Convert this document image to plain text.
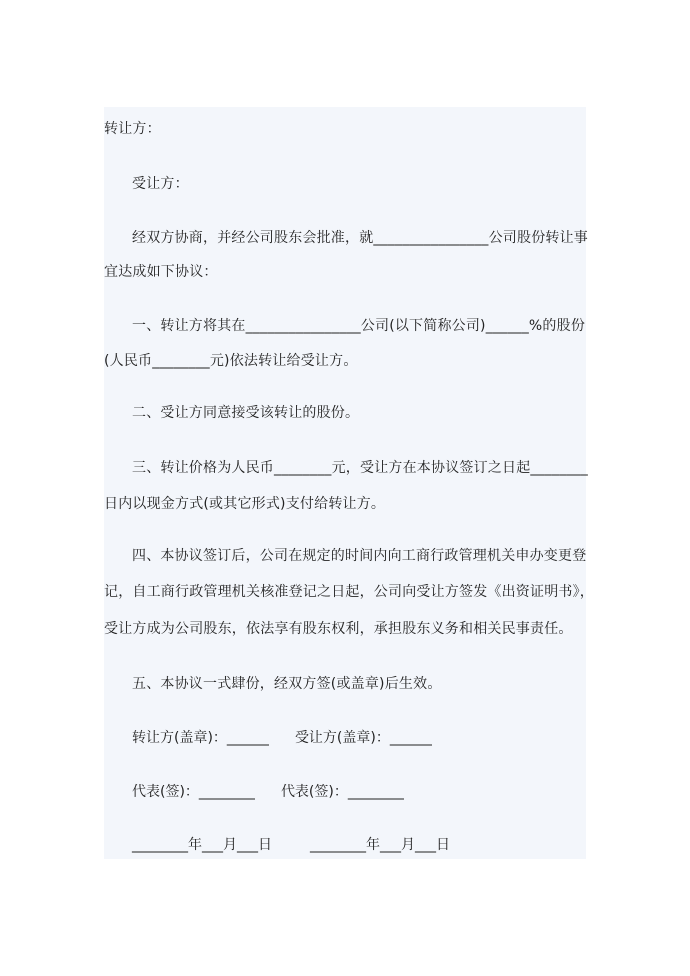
转让方：
受让方：
经双方协商，并经公司股东会批准，就________________公司股份转让事
宜达成如下协议：
一、转让方将其在________________公司(以下简称公司)______%的股份
(人民币________元)依法转让给受让方。
二、受让方同意接受该转让的股份。
三、转让价格为人民币________元，受让方在本协议签订之日起________
日内以现金方式(或其它形式)支付给转让方。
四、本协议签订后，公司在规定的时间内向工商行政管理机关申办变更登
记，自工商行政管理机关核准登记之日起，公司向受让方签发《出资证明书》，
受让方成为公司股东，依法享有股东权利，承担股东义务和相关民事责任。
五、本协议一式肆份，经双方签(或盖章)后生效。
转让方(盖章)：______ 受让方(盖章)：______
代表(签)：________ 代表(签)：________
________年___月___日	________年___月___日
